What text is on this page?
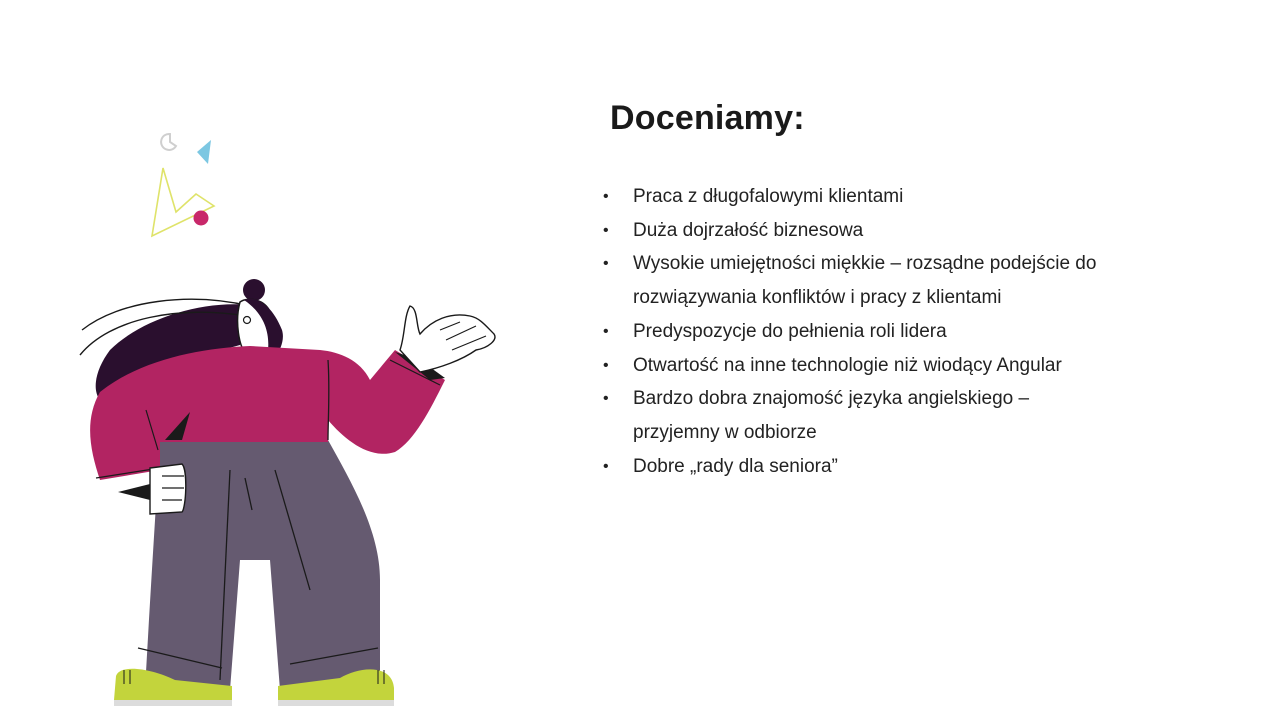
Doceniamy:
• Praca z długofalowymi klientami
• Duża dojrzałość biznesowa
• Wysokie umiejętności miękkie – rozsądne podejście do rozwiązywania konfliktów i pracy z klientami
• Predyspozycje do pełnienia roli lidera
• Otwartość na inne technologie niż wiodący Angular
• Bardzo dobra znajomość języka angielskiego – przyjemny w odbiorze
• Dobre „rady dla seniora”
